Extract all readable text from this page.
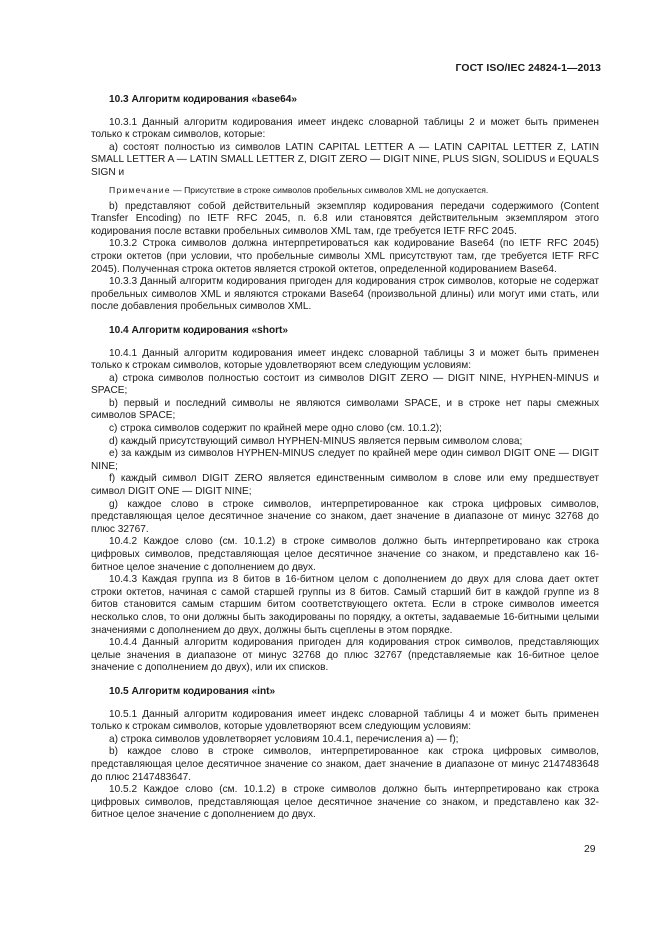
ГОСТ ISO/IEC 24824-1—2013
10.3 Алгоритм кодирования «base64»

10.3.1 Данный алгоритм кодирования имеет индекс словарной таблицы 2 и может быть применен только к строкам символов, которые:

a) состоят полностью из символов LATIN CAPITAL LETTER A — LATIN CAPITAL LETTER Z, LATIN SMALL LETTER A — LATIN SMALL LETTER Z, DIGIT ZERO — DIGIT NINE, PLUS SIGN, SOLIDUS и EQUALS SIGN и

Примечание — Присутствие в строке символов пробельных символов XML не допускается.

b) представляют собой действительный экземпляр кодирования передачи содержимого (Content Transfer Encoding) по IETF RFC 2045, п. 6.8 или становятся действительным экземпляром этого кодирования после вставки пробельных символов XML там, где требуется IETF RFC 2045.

10.3.2 Строка символов должна интерпретироваться как кодирование Base64 (по IETF RFC 2045) строки октетов (при условии, что пробельные символы XML присутствуют там, где требуется IETF RFC 2045). Полученная строка октетов является строкой октетов, определенной кодированием Base64.

10.3.3 Данный алгоритм кодирования пригоден для кодирования строк символов, которые не содержат пробельных символов XML и являются строками Base64 (произвольной длины) или могут ими стать, или после добавления пробельных символов XML.

10.4 Алгоритм кодирования «short»

10.4.1 Данный алгоритм кодирования имеет индекс словарной таблицы 3 и может быть применен только к строкам символов, которые удовлетворяют всем следующим условиям:

a) строка символов полностью состоит из символов DIGIT ZERO — DIGIT NINE, HYPHEN-MINUS и SPACE;

b) первый и последний символы не являются символами SPACE, и в строке нет пары смежных символов SPACE;

c) строка символов содержит по крайней мере одно слово (см. 10.1.2);

d) каждый присутствующий символ HYPHEN-MINUS является первым символом слова;

e) за каждым из символов HYPHEN-MINUS следует по крайней мере один символ DIGIT ONE — DIGIT NINE;

f) каждый символ DIGIT ZERO является единственным символом в слове или ему предшествует символ DIGIT ONE — DIGIT NINE;

g) каждое слово в строке символов, интерпретированное как строка цифровых символов, представляющая целое десятичное значение со знаком, дает значение в диапазоне от минус 32768 до плюс 32767.

10.4.2 Каждое слово (см. 10.1.2) в строке символов должно быть интерпретировано как строка цифровых символов, представляющая целое десятичное значение со знаком, и представлено как 16-битное целое значение с дополнением до двух.

10.4.3 Каждая группа из 8 битов в 16-битном целом с дополнением до двух для слова дает октет строки октетов, начиная с самой старшей группы из 8 битов. Самый старший бит в каждой группе из 8 битов становится самым старшим битом соответствующего октета. Если в строке символов имеется несколько слов, то они должны быть закодированы по порядку, а октеты, задаваемые 16-битными целыми значениями с дополнением до двух, должны быть сцеплены в этом порядке.

10.4.4 Данный алгоритм кодирования пригоден для кодирования строк символов, представляющих целые значения в диапазоне от минус 32768 до плюс 32767 (представляемые как 16-битное целое значение с дополнением до двух), или их списков.

10.5 Алгоритм кодирования «int»

10.5.1 Данный алгоритм кодирования имеет индекс словарной таблицы 4 и может быть применен только к строкам символов, которые удовлетворяют всем следующим условиям:

a) строка символов удовлетворяет условиям 10.4.1, перечисления a) — f);

b) каждое слово в строке символов, интерпретированное как строка цифровых символов, представляющая целое десятичное значение со знаком, дает значение в диапазоне от минус 2147483648 до плюс 2147483647.

10.5.2 Каждое слово (см. 10.1.2) в строке символов должно быть интерпретировано как строка цифровых символов, представляющая целое десятичное значение со знаком, и представлено как 32-битное целое значение с дополнением до двух.

29
